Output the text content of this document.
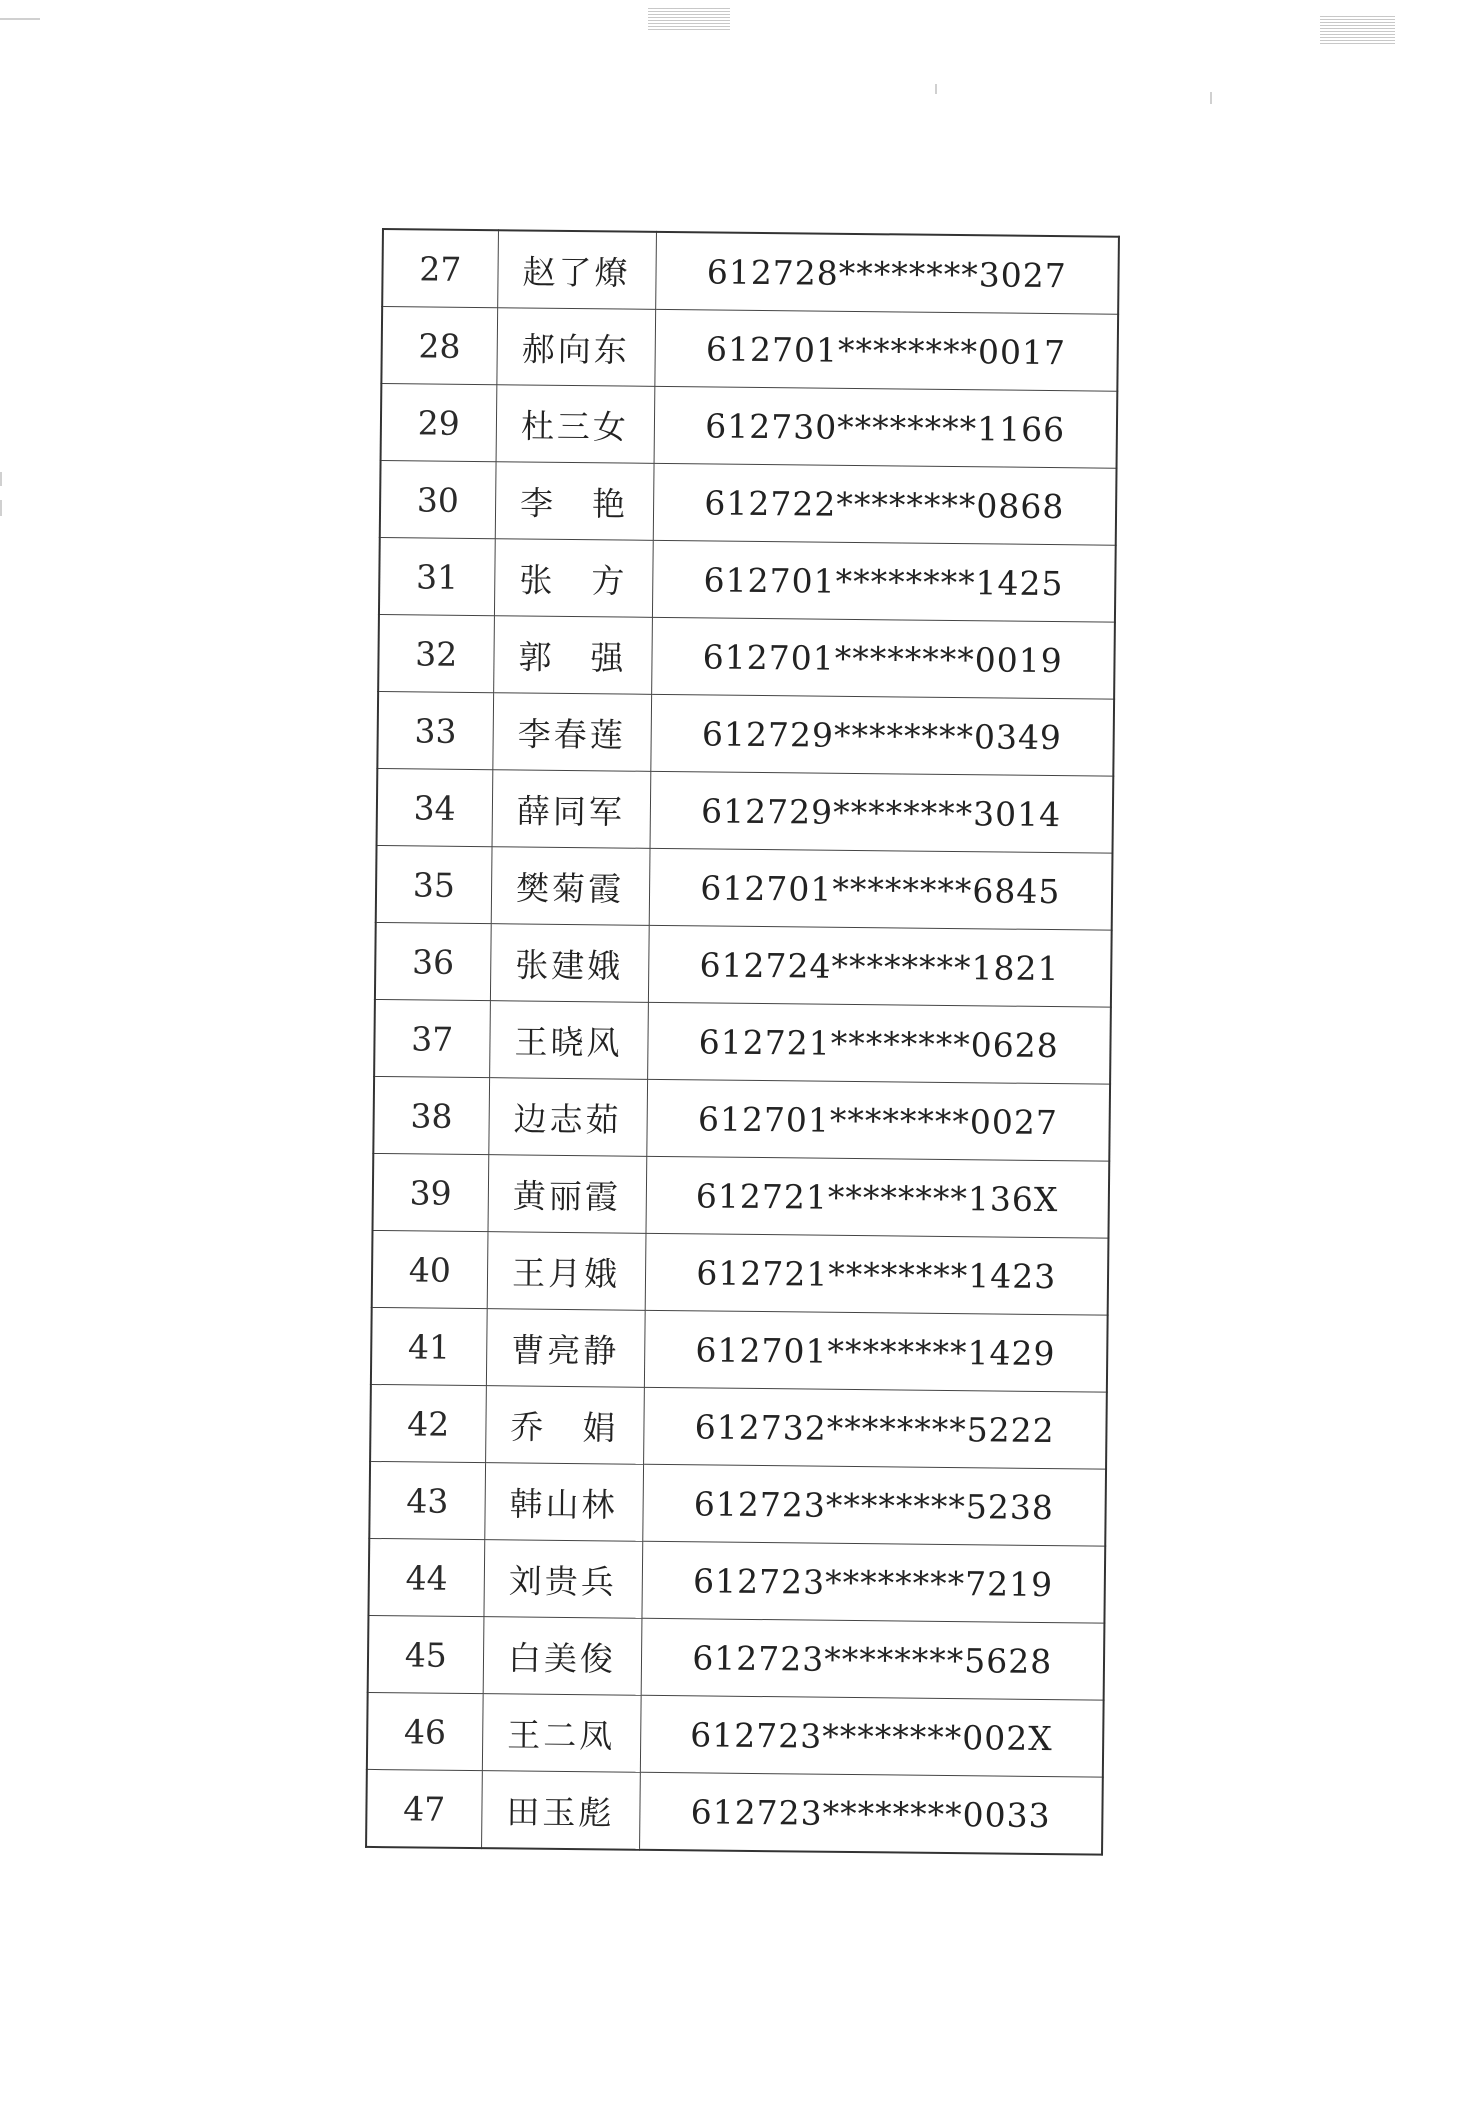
27	赵了燎	612728********3027
28	郝向东	612701********0017
29	杜三女	612730********1166
30	李　艳	612722********0868
31	张　方	612701********1425
32	郭　强	612701********0019
33	李春莲	612729********0349
34	薛同军	612729********3014
35	樊菊霞	612701********6845
36	张建娥	612724********1821
37	王晓风	612721********0628
38	边志茹	612701********0027
39	黄丽霞	612721********136X
40	王月娥	612721********1423
41	曹亮静	612701********1429
42	乔　娟	612732********5222
43	韩山林	612723********5238
44	刘贵兵	612723********7219
45	白美俊	612723********5628
46	王二凤	612723********002X
47	田玉彪	612723********0033
